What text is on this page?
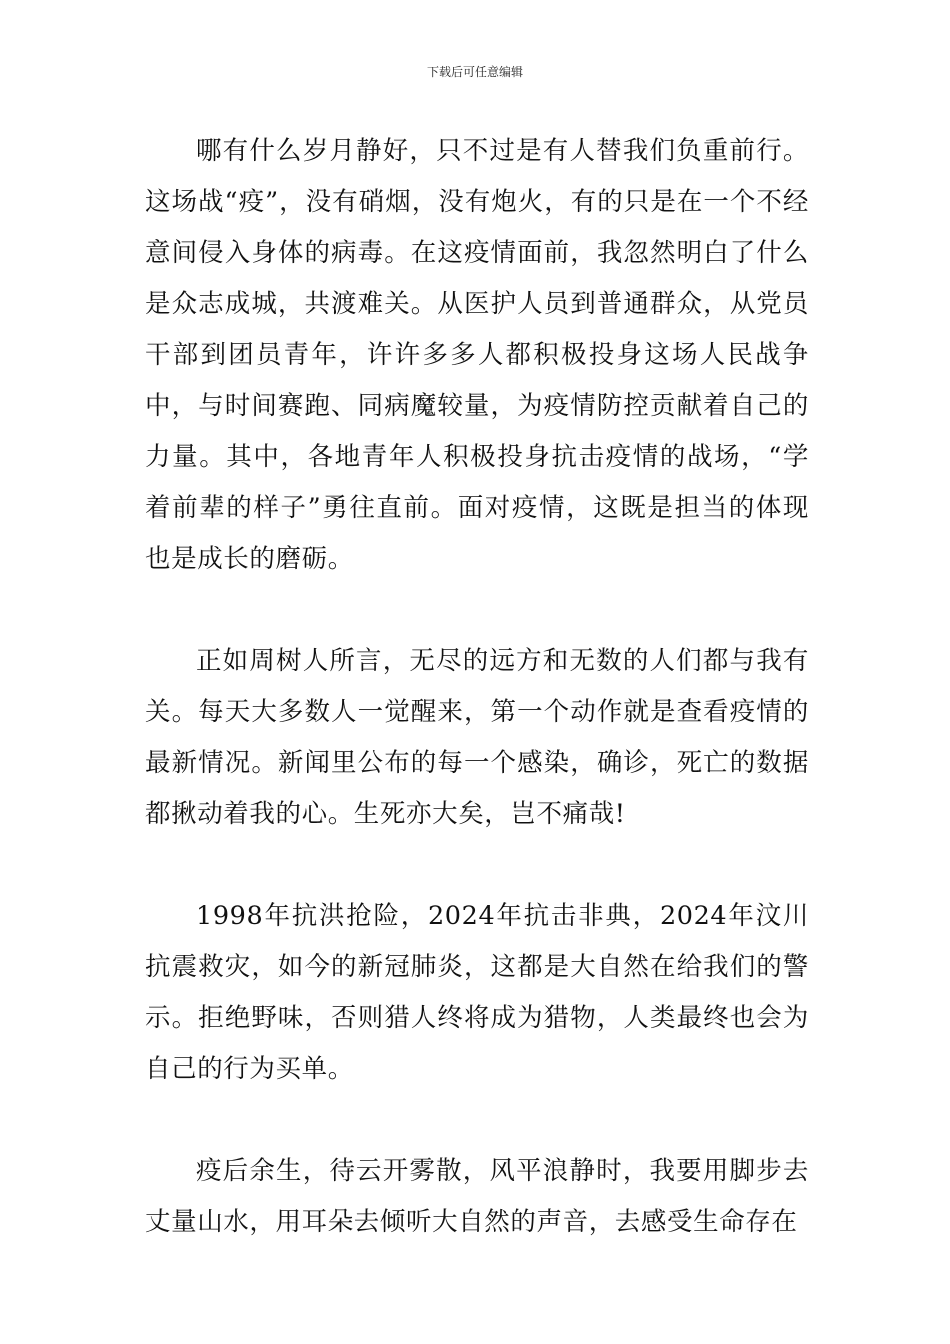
下载后可任意编辑

哪有什么岁月静好，只不过是有人替我们负重前行。这场战“疫”，没有硝烟，没有炮火，有的只是在一个不经意间侵入身体的病毒。在这疫情面前，我忽然明白了什么是众志成城，共渡难关。从医护人员到普通群众，从党员干部到团员青年，许许多多人都积极投身这场人民战争中，与时间赛跑、同病魔较量，为疫情防控贡献着自己的力量。其中，各地青年人积极投身抗击疫情的战场，“学着前辈的样子”勇往直前。面对疫情，这既是担当的体现也是成长的磨砺。

正如周树人所言，无尽的远方和无数的人们都与我有关。每天大多数人一觉醒来，第一个动作就是查看疫情的最新情况。新闻里公布的每一个感染，确诊，死亡的数据都揪动着我的心。生死亦大矣，岂不痛哉!

1998年抗洪抢险，2024年抗击非典，2024年汶川抗震救灾，如今的新冠肺炎，这都是大自然在给我们的警示。拒绝野味，否则猎人终将成为猎物，人类最终也会为自己的行为买单。

疫后余生，待云开雾散，风平浪静时，我要用脚步去丈量山水，用耳朵去倾听大自然的声音，去感受生命存在
